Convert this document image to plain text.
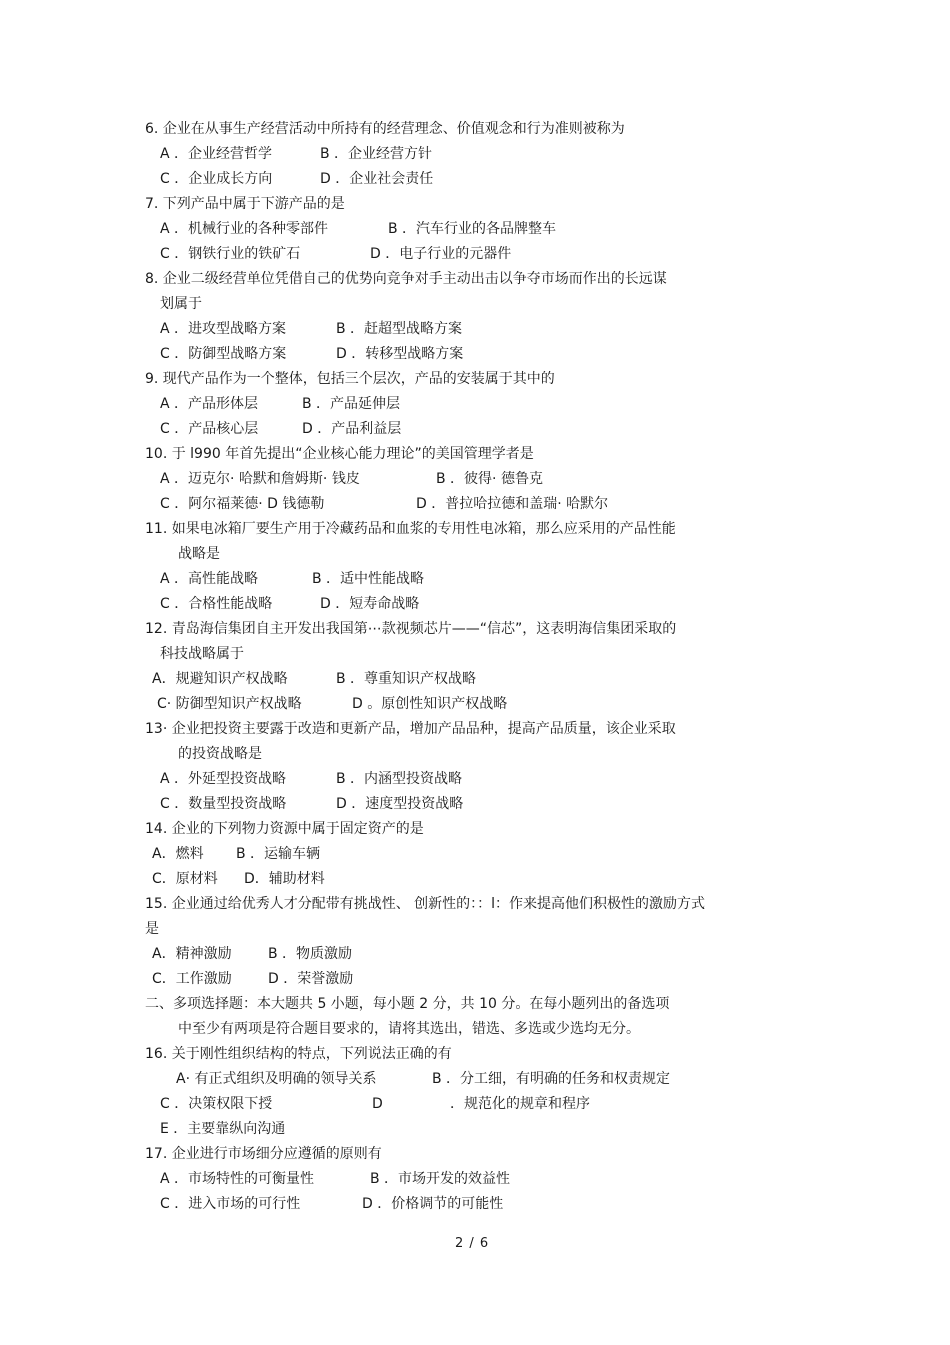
6. 企业在从事生产经营活动中所持有的经营理念、价值观念和行为准则被称为
A ．企业经营哲学	B ．企业经营方针
C ．企业成长方向	D ．企业社会责任
7. 下列产品中属于下游产品的是
A ．机械行业的各种零部件	B ．汽车行业的各品牌整车
C ．钢铁行业的铁矿石	D ．电子行业的元器件
8. 企业二级经营单位凭借自己的优势向竞争对手主动出击以争夺市场而作出的长远谋
划属于
A ．进攻型战略方案	B ．赶超型战略方案
C ．防御型战略方案	D ．转移型战略方案
9. 现代产品作为一个整体，包括三个层次，产品的安装属于其中的
A ．产品形体层	B ．产品延伸层
C ．产品核心层	D ．产品利益层
10. 于 l990 年首先提出“企业核心能力理论”的美国管理学者是
A ．迈克尔· 哈默和詹姆斯· 钱皮	B ．彼得· 德鲁克
C ．阿尔福莱德· D 钱德勒	D ．普拉哈拉德和盖瑞· 哈默尔
11. 如果电冰箱厂要生产用于冷藏药品和血浆的专用性电冰箱，那么应采用的产品性能
战略是
A ．高性能战略	B ．适中性能战略
C ．合格性能战略	D ．短寿命战略
12. 青岛海信集团自主开发出我国第⋯款视频芯片——“信芯”，这表明海信集团采取的
科技战略属于
A．规避知识产权战略	B ．尊重知识产权战略
C· 防御型知识产权战略	D 。原创性知识产权战略
13· 企业把投资主要露于改造和更新产品，增加产品品种，提高产品质量，该企业采取
的投资战略是
A ．外延型投资战略	B ．内涵型投资战略
C ．数量型投资战略	D ．速度型投资战略
14. 企业的下列物力资源中属于固定资产的是
A．燃料 B ．运输车辆
C．原材料 D．辅助材料
15. 企业通过给优秀人才分配带有挑战性、 创新性的：：l：作来提高他们积极性的激励方式
是
A．精神激励	B ．物质激励
C．工作激励	D ．荣誉激励
二、多项选择题：本大题共 5 小题，每小题 2 分，共 10 分。在每小题列出的备选项
中至少有两项是符合题目要求的，请将其选出，错选、多选或少选均无分。
16. 关于刚性组织结构的特点，下列说法正确的有
A· 有正式组织及明确的领导关系	B ．分工细，有明确的任务和权责规定
C ．决策权限下授	D	．规范化的规章和程序
E ．主要靠纵向沟通
17. 企业进行市场细分应遵循的原则有
A ．市场特性的可衡量性	B ．市场开发的效益性
C ．进入市场的可行性	D ．价格调节的可能性
2 / 6
